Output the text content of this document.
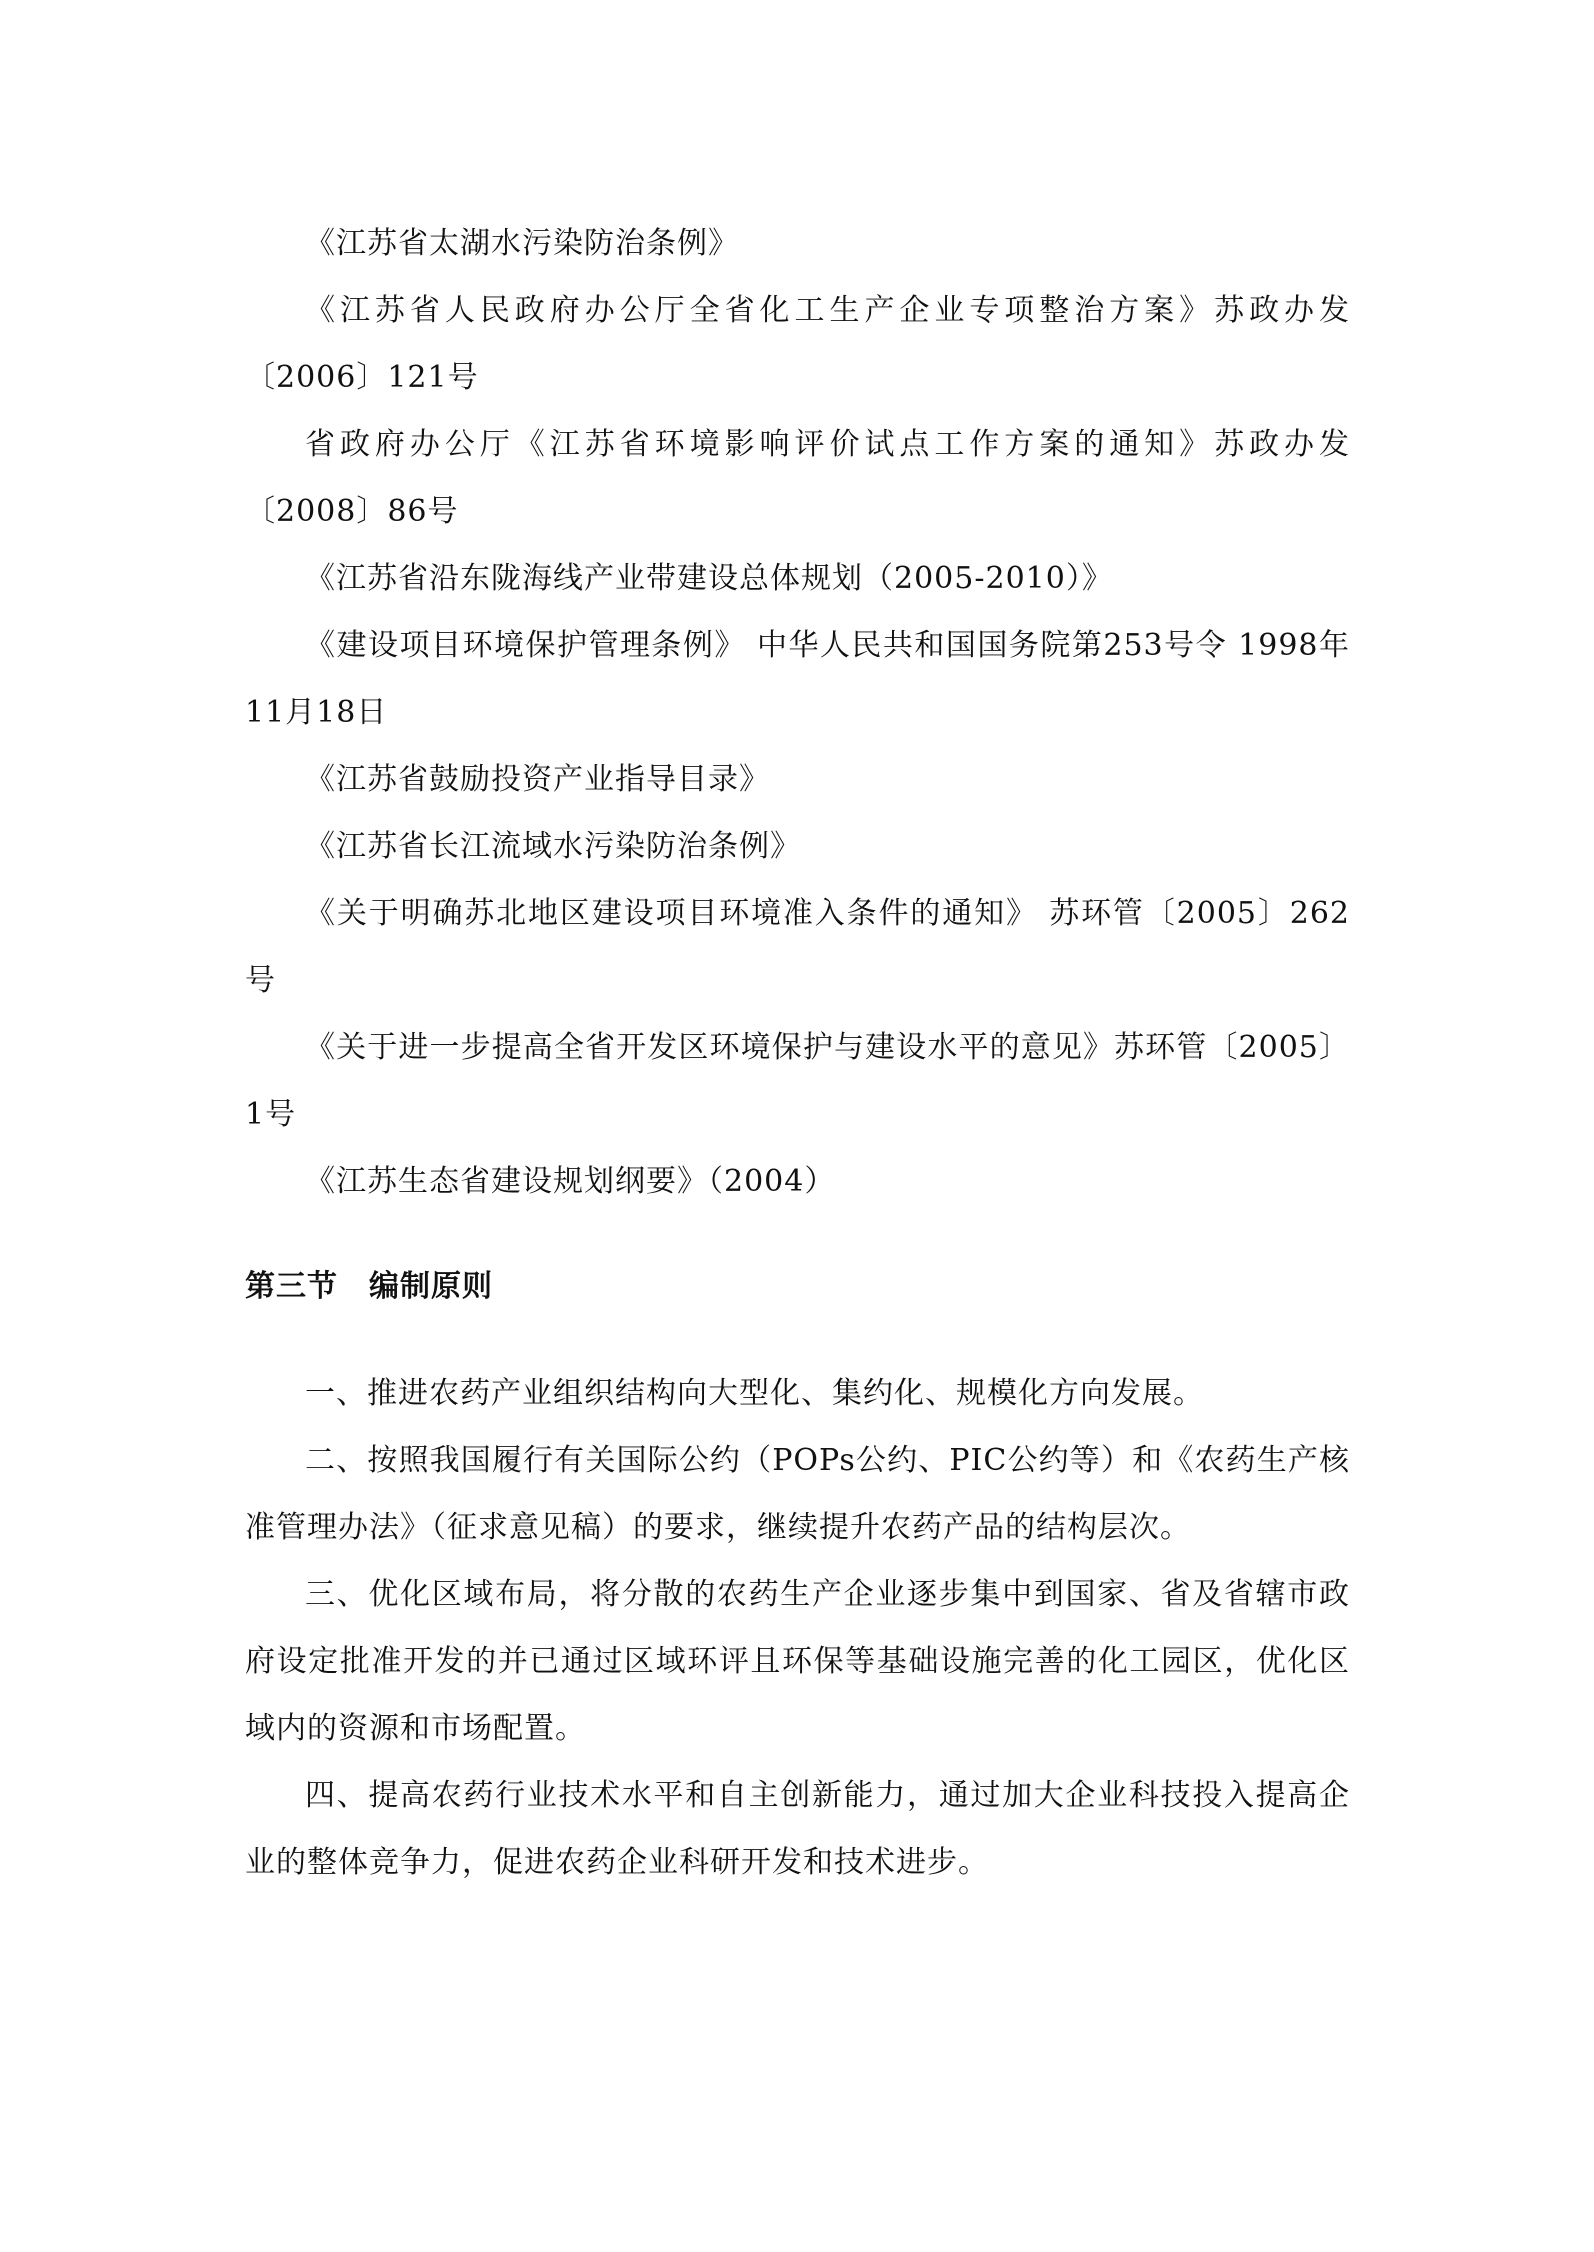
《江苏省太湖水污染防治条例》

《江苏省人民政府办公厅全省化工生产企业专项整治方案》苏政办发〔2006〕121号

省政府办公厅《江苏省环境影响评价试点工作方案的通知》苏政办发〔2008〕86号

《江苏省沿东陇海线产业带建设总体规划（2005-2010）》

《建设项目环境保护管理条例》 中华人民共和国国务院第253号令 1998年11月18日

《江苏省鼓励投资产业指导目录》

《江苏省长江流域水污染防治条例》

《关于明确苏北地区建设项目环境准入条件的通知》 苏环管〔2005〕262号

《关于进一步提高全省开发区环境保护与建设水平的意见》苏环管〔2005〕1号

《江苏生态省建设规划纲要》（2004）

第三节　编制原则

一、推进农药产业组织结构向大型化、集约化、规模化方向发展。

二、按照我国履行有关国际公约（POPs公约、PIC公约等）和《农药生产核准管理办法》（征求意见稿）的要求，继续提升农药产品的结构层次。

三、优化区域布局，将分散的农药生产企业逐步集中到国家、省及省辖市政府设定批准开发的并已通过区域环评且环保等基础设施完善的化工园区，优化区域内的资源和市场配置。

四、提高农药行业技术水平和自主创新能力，通过加大企业科技投入提高企业的整体竞争力，促进农药企业科研开发和技术进步。
